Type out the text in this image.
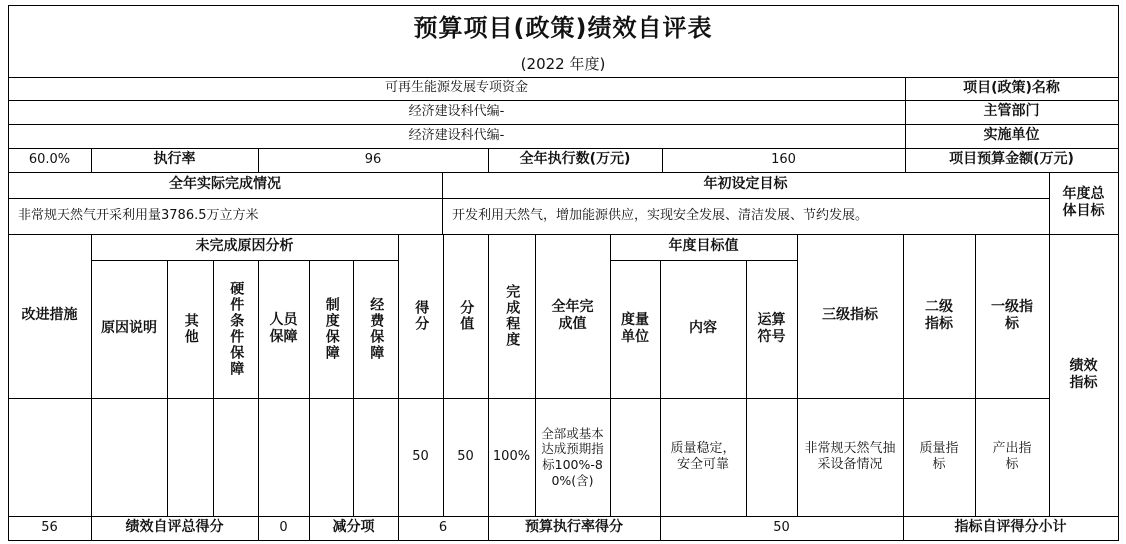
预算项目(政策)绩效自评表
(2022 年度)
项目(政策)名称
可再生能源发展专项资金
主管部门
经济建设科代编-
实施单位
经济建设科代编-
项目预算金额(万元)
160
全年执行数(万元)
96
执行率
60.0%
年度总体目标
年初设定目标
全年实际完成情况
开发利用天然气，增加能源供应，实现安全发展、清洁发展、节约发展。
非常规天然气开采利用量3786.5万立方米
绩效指标
一级指标
二级指标
三级指标
年度目标值
运算符号
内容
度量单位
全年完成值
完成程度
分值
得分
未完成原因分析
经费保障
制度保障
人员保障
硬件条件保障
其他
原因说明
改进措施
产出指标
质量指标
非常规天然气抽采设备情况
质量稳定，安全可靠
全部或基本达成预期指标100%-80%(含)
100%
50
50
指标自评得分小计
50
预算执行率得分
6
减分项
0
绩效自评总得分
56
